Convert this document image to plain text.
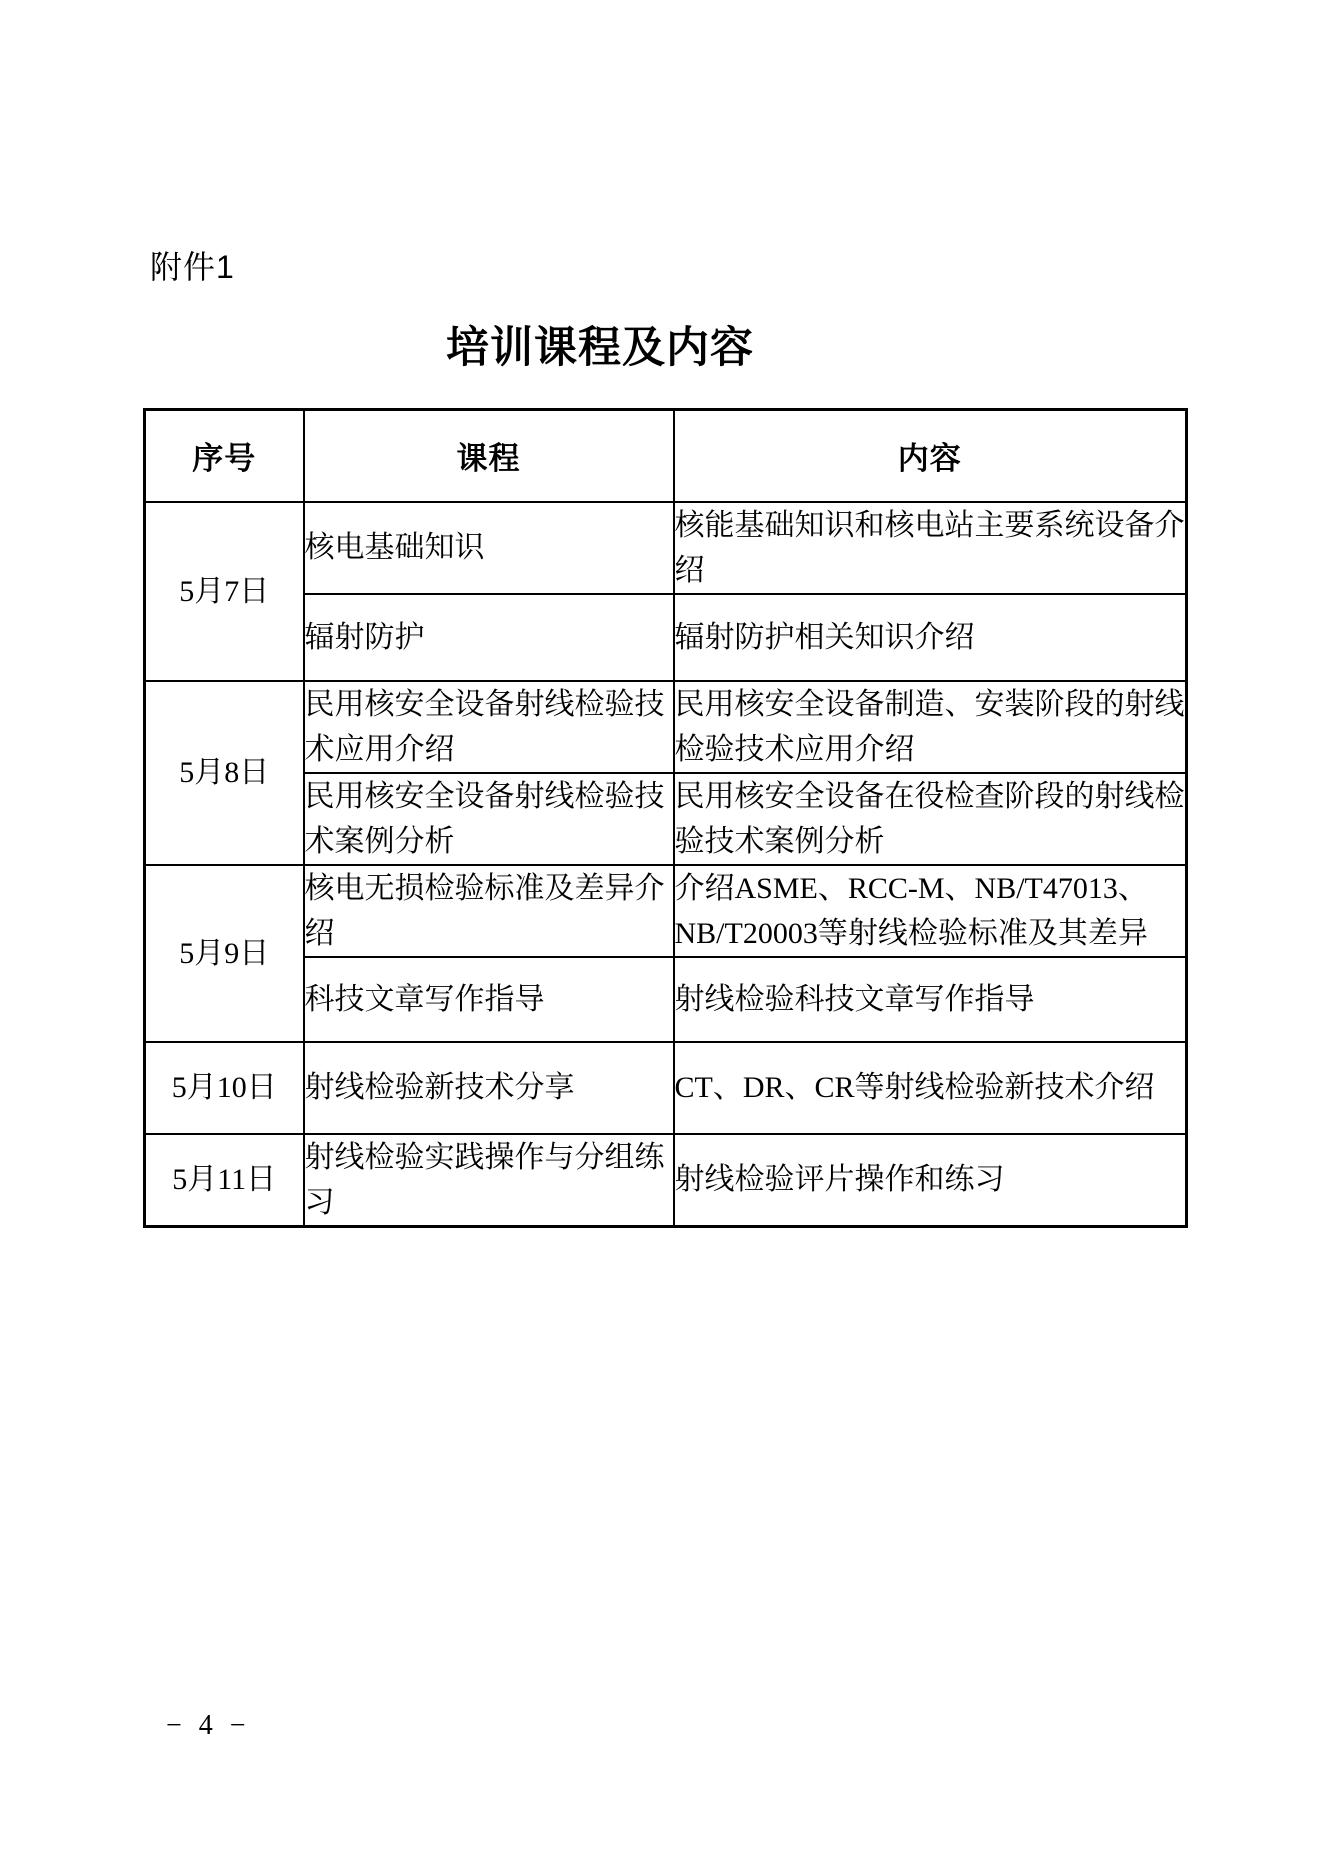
附件1
培训课程及内容
序号	课程	内容
5月7日	核电基础知识	核能基础知识和核电站主要系统设备介绍
	辐射防护	辐射防护相关知识介绍
5月8日	民用核安全设备射线检验技术应用介绍	民用核安全设备制造、安装阶段的射线检验技术应用介绍
	民用核安全设备射线检验技术案例分析	民用核安全设备在役检查阶段的射线检验技术案例分析
5月9日	核电无损检验标准及差异介绍	介绍ASME、RCC-M、NB/T47013、NB/T20003等射线检验标准及其差异
	科技文章写作指导	射线检验科技文章写作指导
5月10日	射线检验新技术分享	CT、DR、CR等射线检验新技术介绍
5月11日	射线检验实践操作与分组练习	射线检验评片操作和练习
− 4 −
